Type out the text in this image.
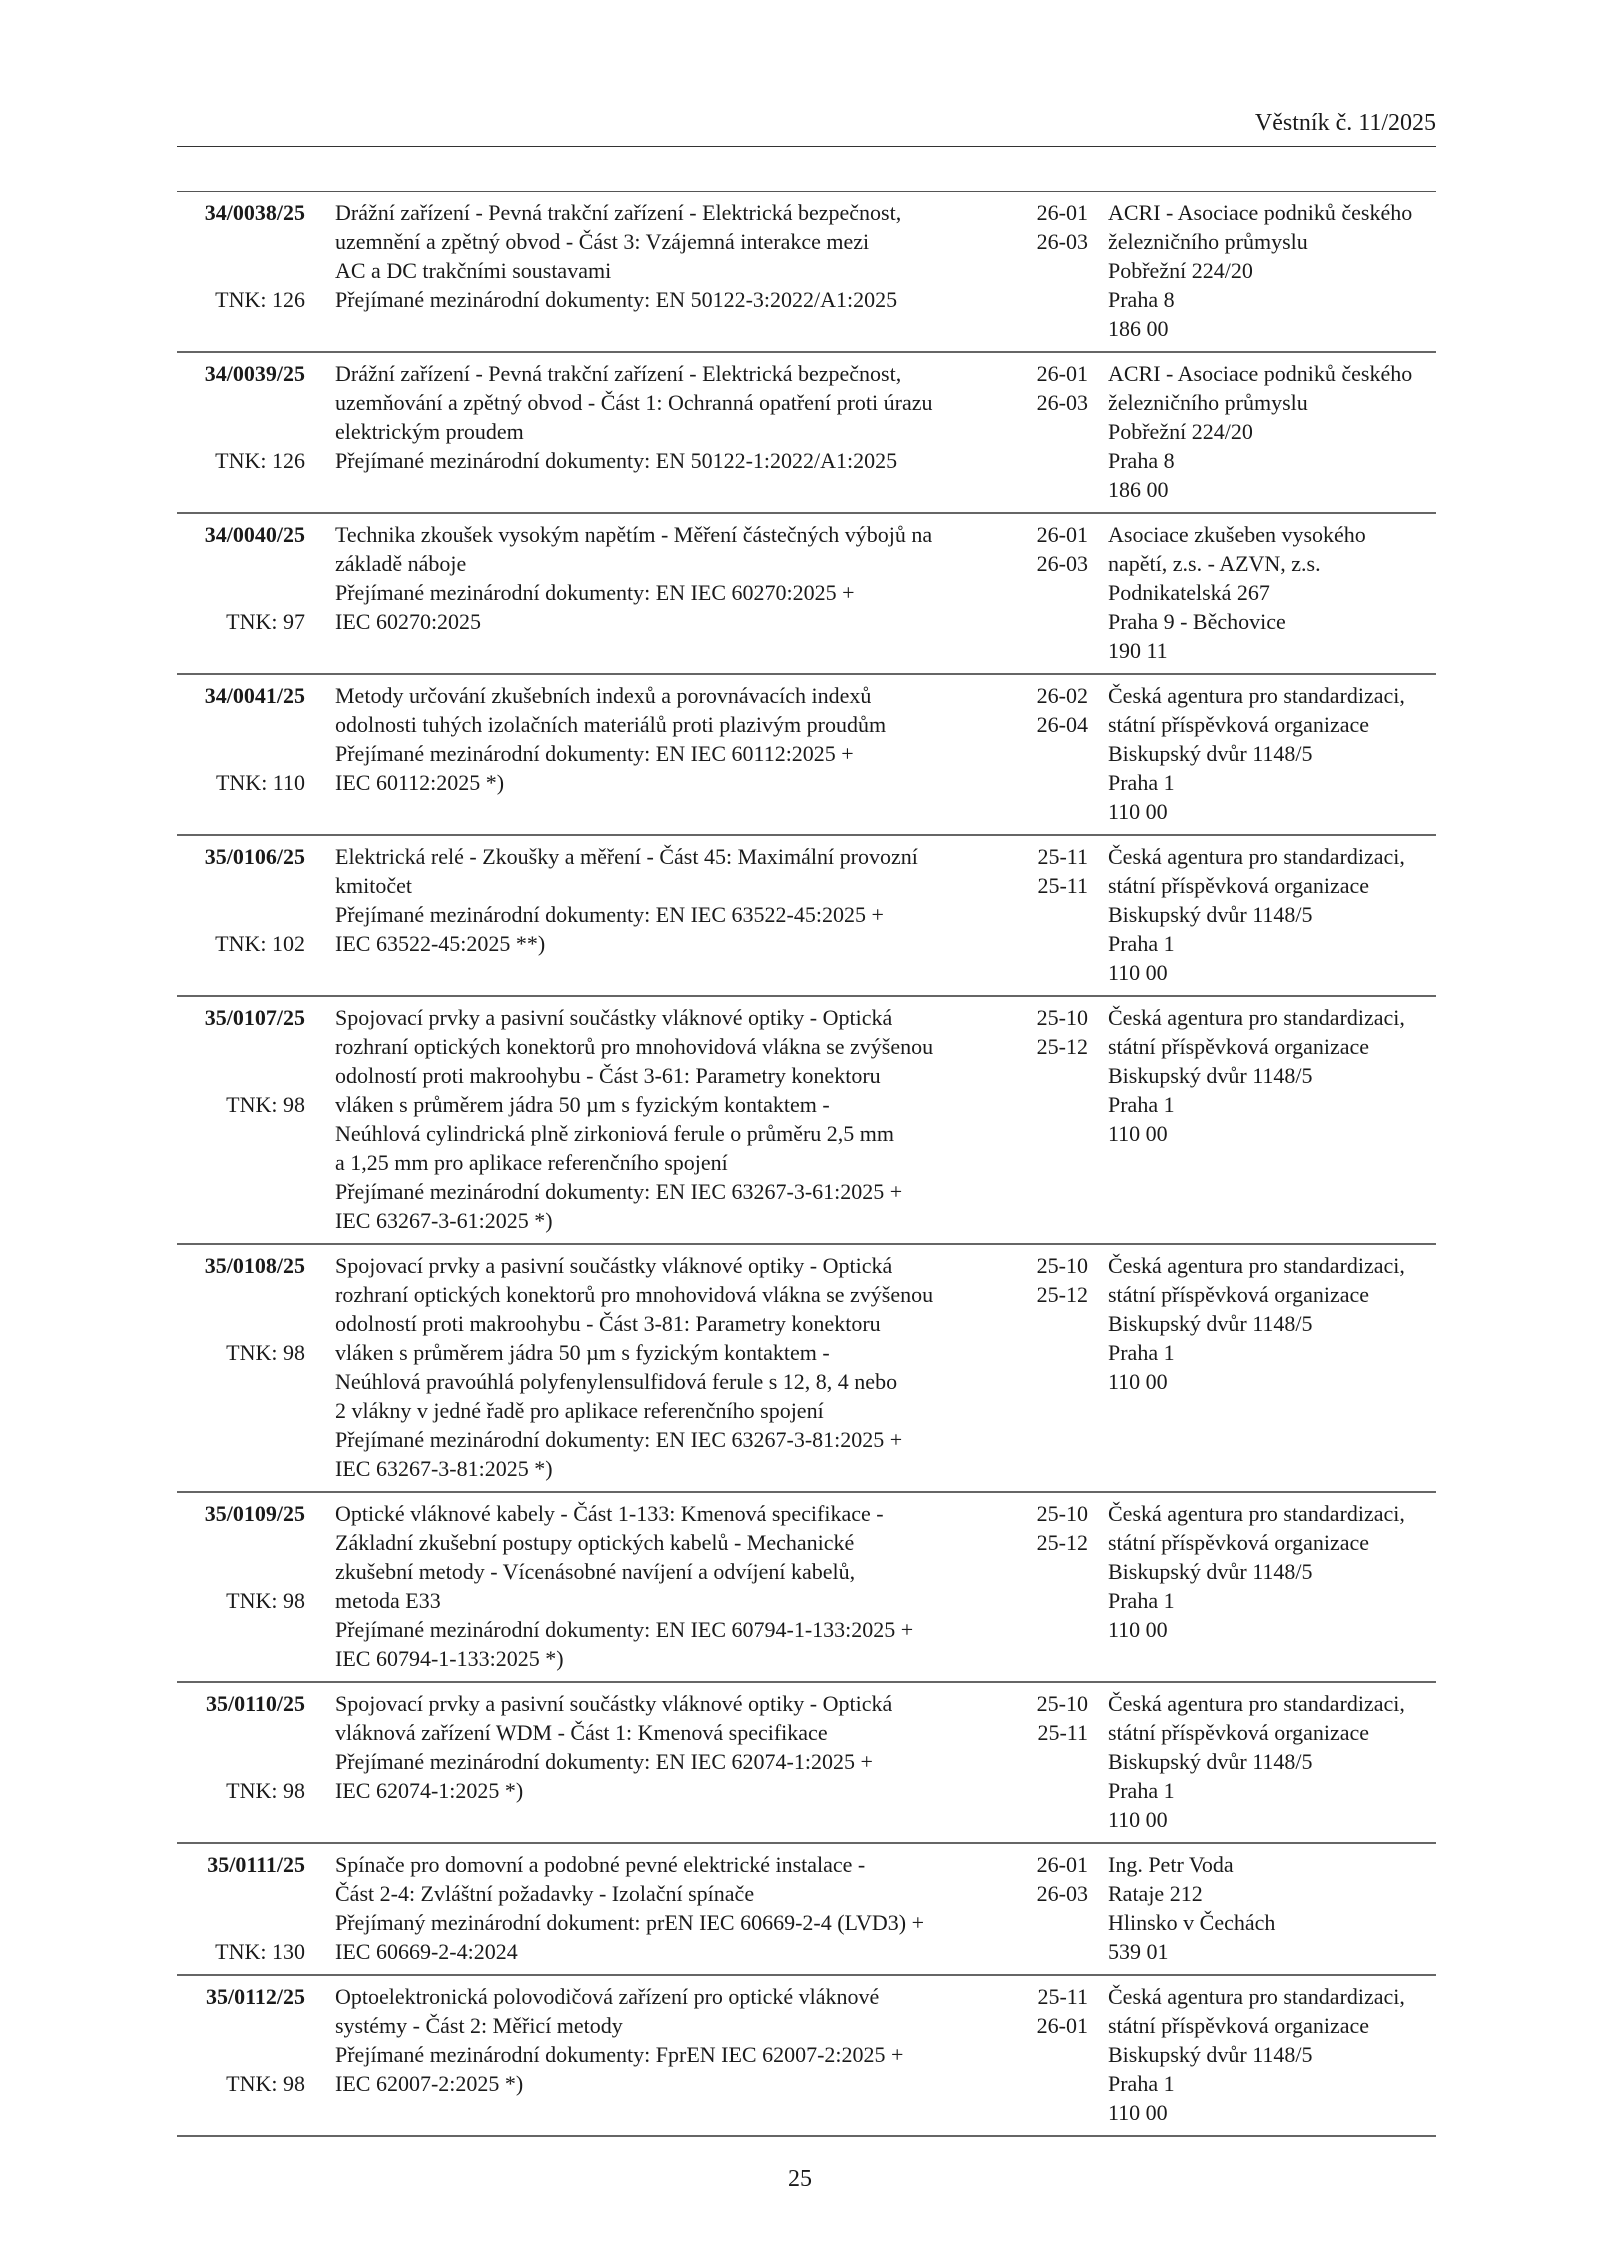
Věstník č. 11/2025
34/0038/25
TNK: 126
Drážní zařízení - Pevná trakční zařízení - Elektrická bezpečnost,
uzemnění a zpětný obvod - Část 3: Vzájemná interakce mezi
AC a DC trakčními soustavami
Přejímané mezinárodní dokumenty: EN 50122-3:2022/A1:2025
26-01
26-03
ACRI - Asociace podniků českého
železničního průmyslu
Pobřežní 224/20
Praha 8
186 00
34/0039/25
TNK: 126
Drážní zařízení - Pevná trakční zařízení - Elektrická bezpečnost,
uzemňování a zpětný obvod - Část 1: Ochranná opatření proti úrazu
elektrickým proudem
Přejímané mezinárodní dokumenty: EN 50122-1:2022/A1:2025
26-01
26-03
ACRI - Asociace podniků českého
železničního průmyslu
Pobřežní 224/20
Praha 8
186 00
34/0040/25
TNK: 97
Technika zkoušek vysokým napětím - Měření částečných výbojů na
základě náboje
Přejímané mezinárodní dokumenty: EN IEC 60270:2025 +
IEC 60270:2025
26-01
26-03
Asociace zkušeben vysokého
napětí, z.s. - AZVN, z.s.
Podnikatelská 267
Praha 9 - Běchovice
190 11
34/0041/25
TNK: 110
Metody určování zkušebních indexů a porovnávacích indexů
odolnosti tuhých izolačních materiálů proti plazivým proudům
Přejímané mezinárodní dokumenty: EN IEC 60112:2025 +
IEC 60112:2025 *)
26-02
26-04
Česká agentura pro standardizaci,
státní příspěvková organizace
Biskupský dvůr 1148/5
Praha 1
110 00
35/0106/25
TNK: 102
Elektrická relé - Zkoušky a měření - Část 45: Maximální provozní
kmitočet
Přejímané mezinárodní dokumenty: EN IEC 63522-45:2025 +
IEC 63522-45:2025 **)
25-11
25-11
Česká agentura pro standardizaci,
státní příspěvková organizace
Biskupský dvůr 1148/5
Praha 1
110 00
35/0107/25
TNK: 98
Spojovací prvky a pasivní součástky vláknové optiky - Optická
rozhraní optických konektorů pro mnohovidová vlákna se zvýšenou
odolností proti makroohybu - Část 3-61: Parametry konektoru
vláken s průměrem jádra 50 µm s fyzickým kontaktem -
Neúhlová cylindrická plně zirkoniová ferule o průměru 2,5 mm
a 1,25 mm pro aplikace referenčního spojení
Přejímané mezinárodní dokumenty: EN IEC 63267-3-61:2025 +
IEC 63267-3-61:2025 *)
25-10
25-12
Česká agentura pro standardizaci,
státní příspěvková organizace
Biskupský dvůr 1148/5
Praha 1
110 00
35/0108/25
TNK: 98
Spojovací prvky a pasivní součástky vláknové optiky - Optická
rozhraní optických konektorů pro mnohovidová vlákna se zvýšenou
odolností proti makroohybu - Část 3-81: Parametry konektoru
vláken s průměrem jádra 50 µm s fyzickým kontaktem -
Neúhlová pravoúhlá polyfenylensulfidová ferule s 12, 8, 4 nebo
2 vlákny v jedné řadě pro aplikace referenčního spojení
Přejímané mezinárodní dokumenty: EN IEC 63267-3-81:2025 +
IEC 63267-3-81:2025 *)
25-10
25-12
Česká agentura pro standardizaci,
státní příspěvková organizace
Biskupský dvůr 1148/5
Praha 1
110 00
35/0109/25
TNK: 98
Optické vláknové kabely - Část 1-133: Kmenová specifikace -
Základní zkušební postupy optických kabelů - Mechanické
zkušební metody - Vícenásobné navíjení a odvíjení kabelů,
metoda E33
Přejímané mezinárodní dokumenty: EN IEC 60794-1-133:2025 +
IEC 60794-1-133:2025 *)
25-10
25-12
Česká agentura pro standardizaci,
státní příspěvková organizace
Biskupský dvůr 1148/5
Praha 1
110 00
35/0110/25
TNK: 98
Spojovací prvky a pasivní součástky vláknové optiky - Optická
vláknová zařízení WDM - Část 1: Kmenová specifikace
Přejímané mezinárodní dokumenty: EN IEC 62074-1:2025 +
IEC 62074-1:2025 *)
25-10
25-11
Česká agentura pro standardizaci,
státní příspěvková organizace
Biskupský dvůr 1148/5
Praha 1
110 00
35/0111/25
TNK: 130
Spínače pro domovní a podobné pevné elektrické instalace -
Část 2-4: Zvláštní požadavky - Izolační spínače
Přejímaný mezinárodní dokument: prEN IEC 60669-2-4 (LVD3) +
IEC 60669-2-4:2024
26-01
26-03
Ing. Petr Voda
Rataje 212
Hlinsko v Čechách
539 01
35/0112/25
TNK: 98
Optoelektronická polovodičová zařízení pro optické vláknové
systémy - Část 2: Měřicí metody
Přejímané mezinárodní dokumenty: FprEN IEC 62007-2:2025 +
IEC 62007-2:2025 *)
25-11
26-01
Česká agentura pro standardizaci,
státní příspěvková organizace
Biskupský dvůr 1148/5
Praha 1
110 00
25
